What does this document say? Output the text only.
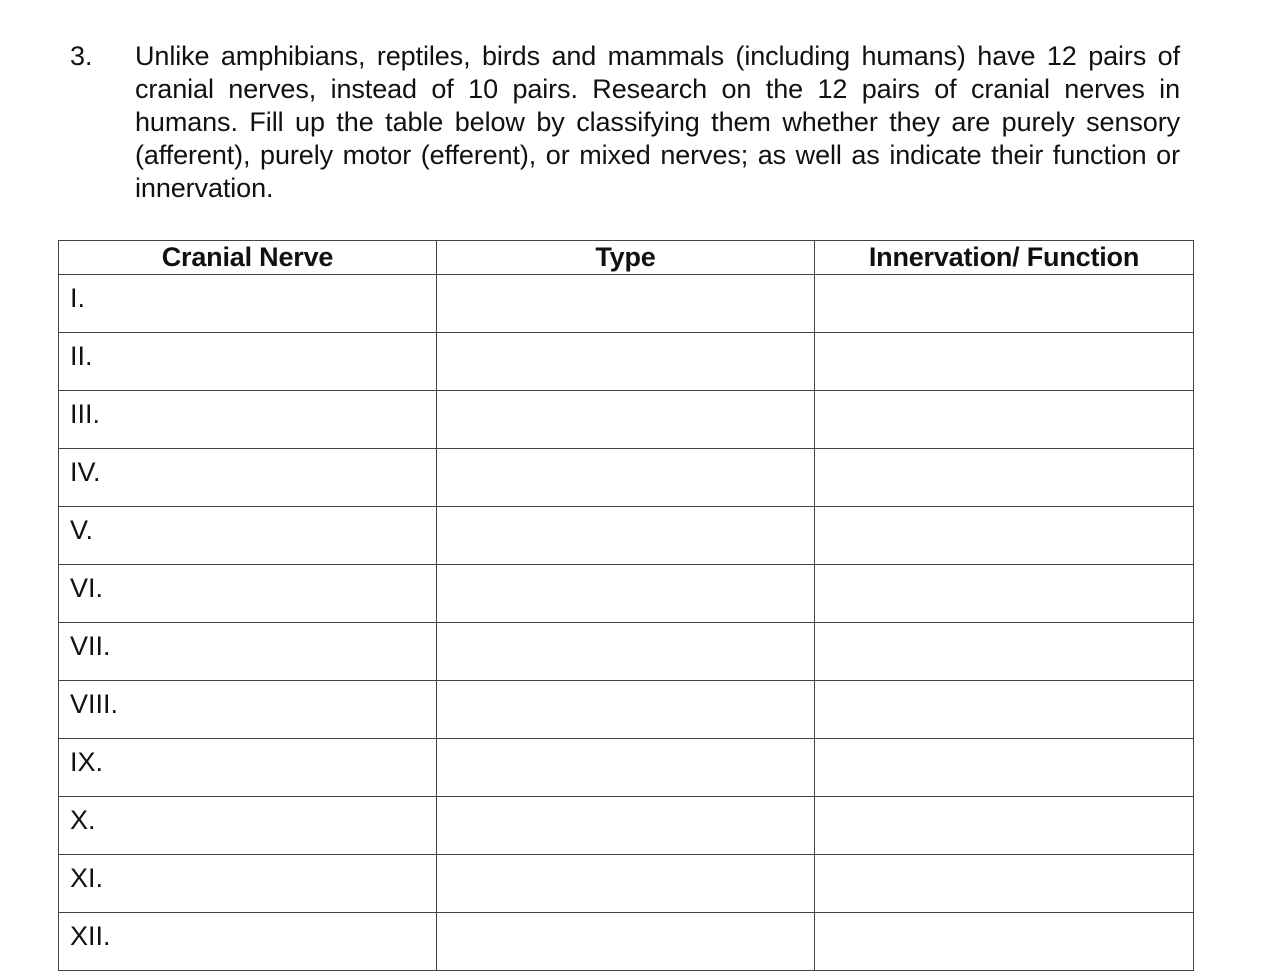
3. Unlike amphibians, reptiles, birds and mammals (including humans) have 12 pairs of cranial nerves, instead of 10 pairs. Research on the 12 pairs of cranial nerves in humans. Fill up the table below by classifying them whether they are purely sensory (afferent), purely motor (efferent), or mixed nerves; as well as indicate their function or innervation.
Cranial Nerve	Type	Innervation/ Function
I.		
II.		
III.		
IV.		
V.		
VI.		
VII.		
VIII.		
IX.		
X.		
XI.		
XII.		
